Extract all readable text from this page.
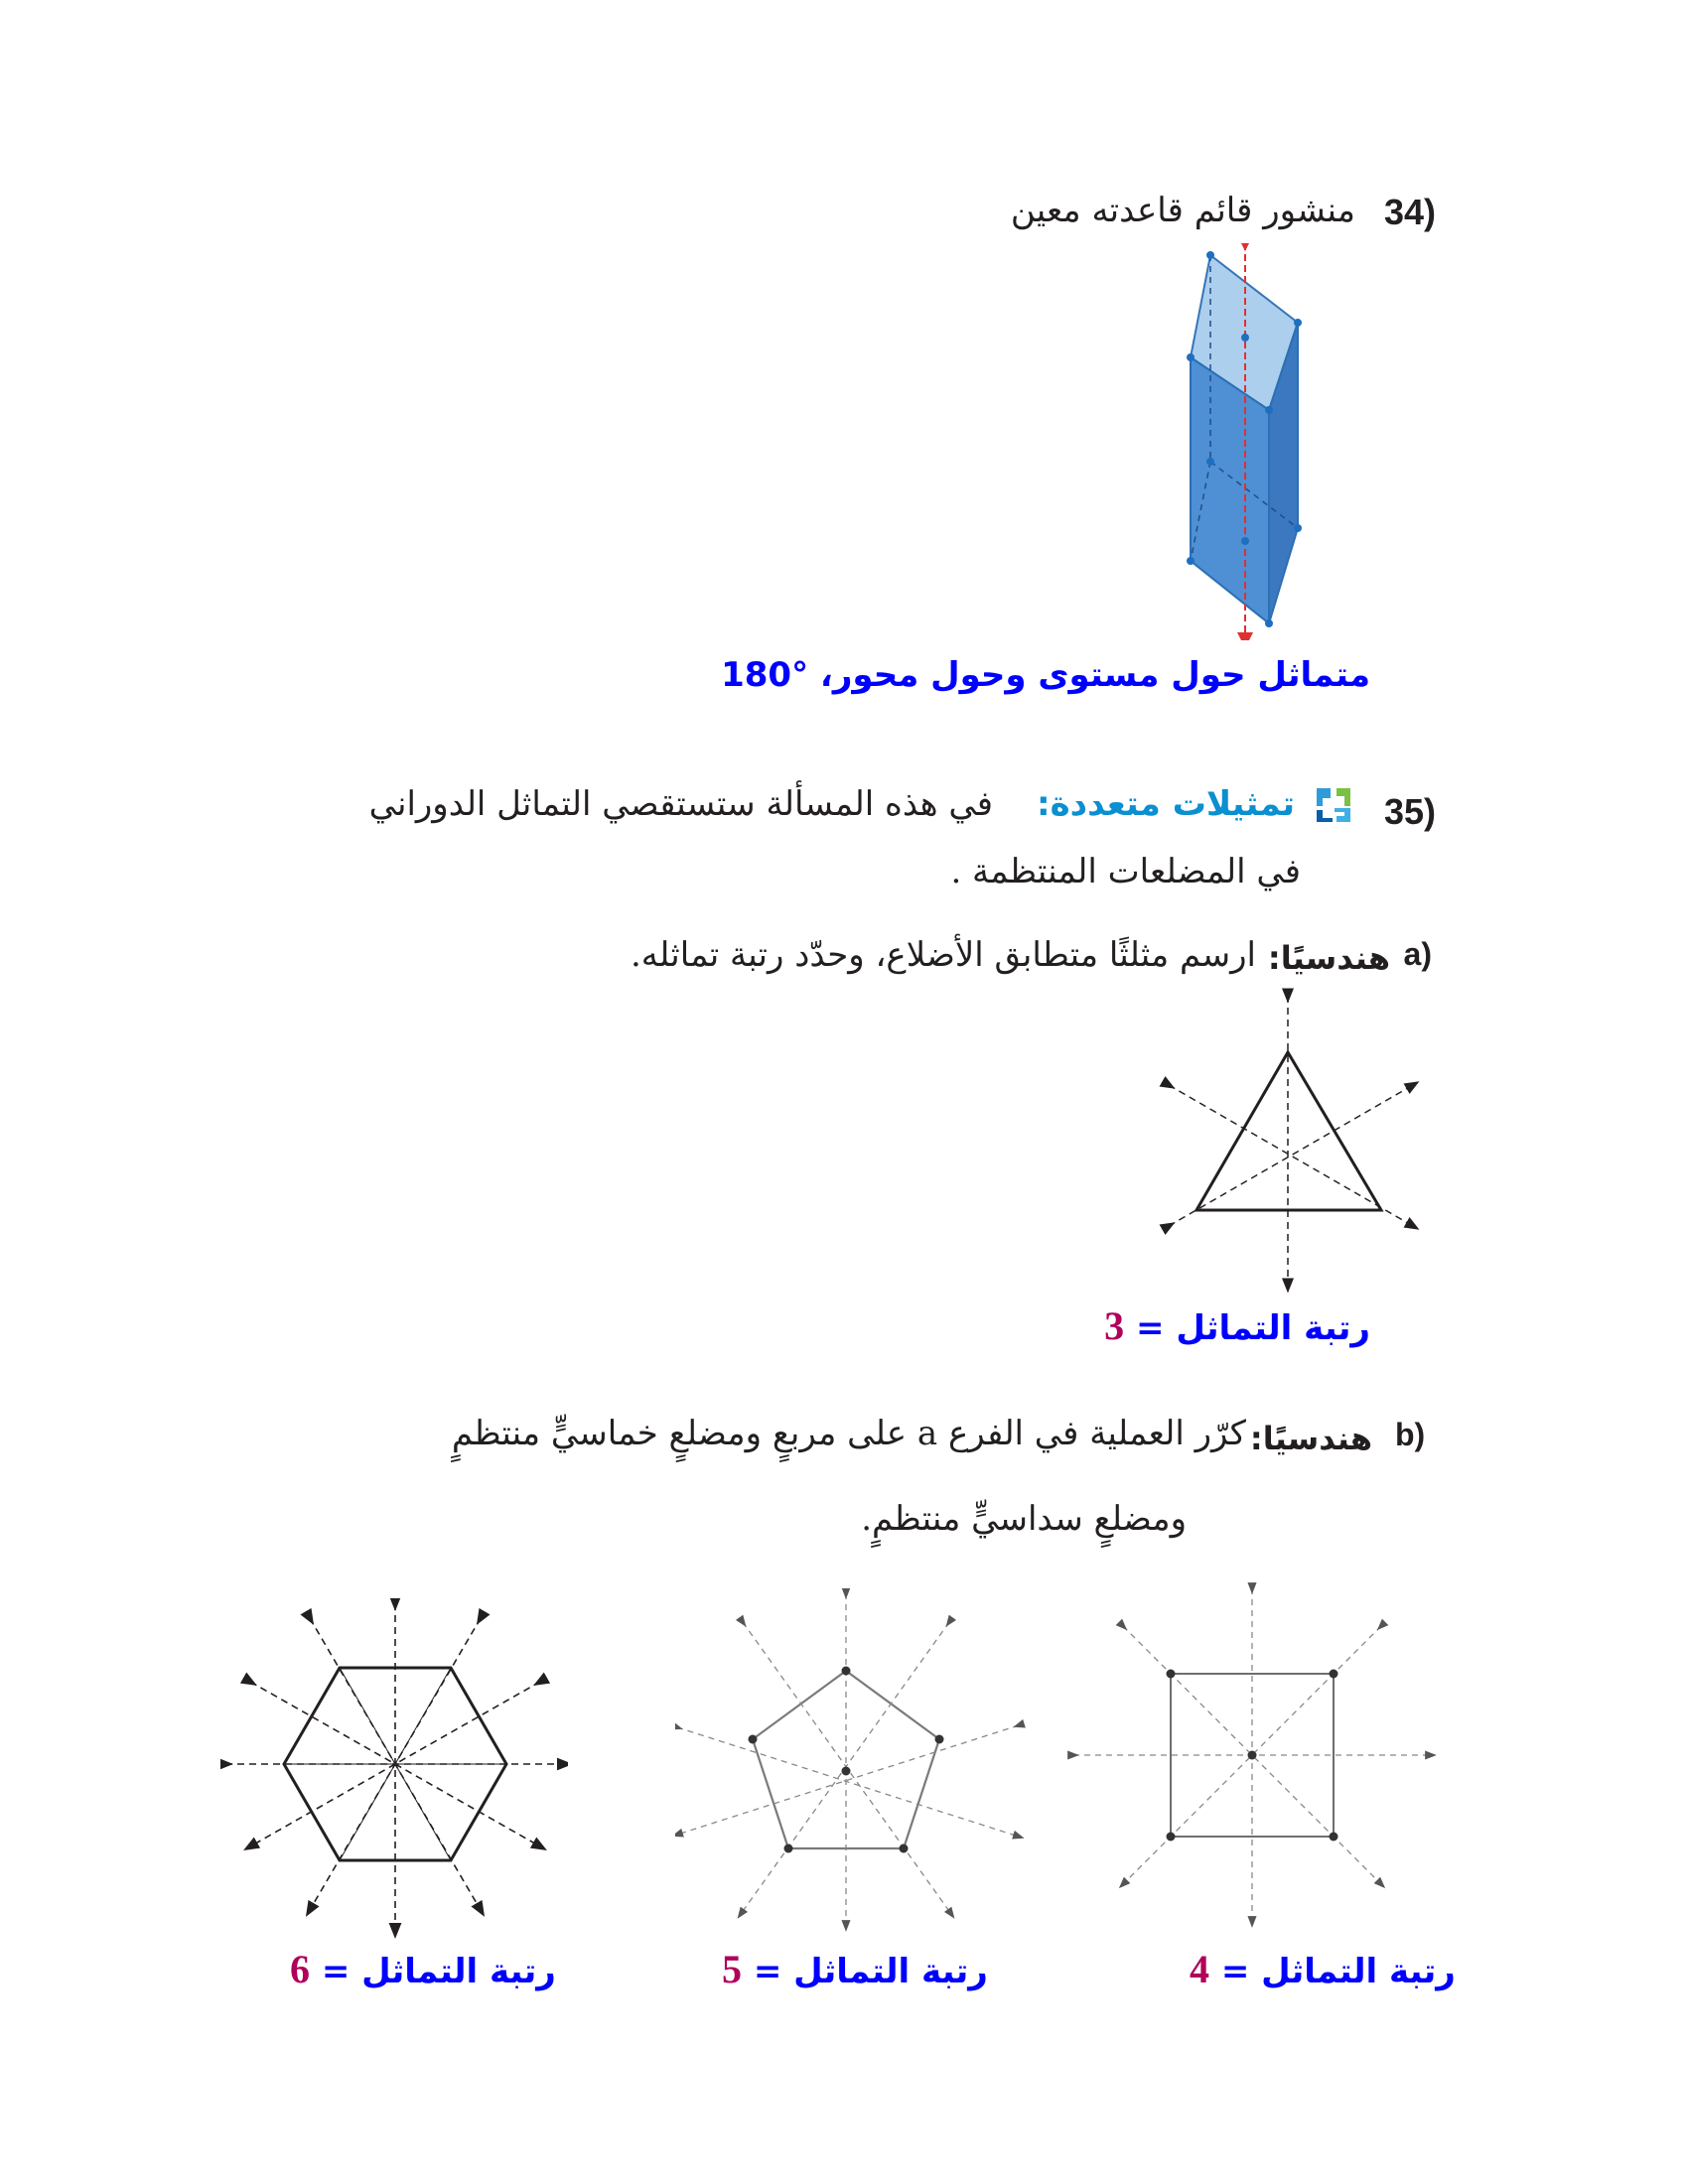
34)
منشور قائم قاعدته معين
متماثل حول مستوى وحول محور، °180
35)
تمثيلات متعددة:
في هذه المسألة ستستقصي التماثل الدوراني
في المضلعات المنتظمة .
a)
هندسيًا:
ارسم مثلثًا متطابق الأضلاع، وحدّد رتبة تماثله.
رتبة التماثل = 3
b)
هندسيًا:
كرّر العملية في الفرع a على مربعٍ ومضلعٍ خماسيٍّ منتظمٍ
ومضلعٍ سداسيٍّ منتظمٍ.
رتبة التماثل = 6	رتبة التماثل = 5	رتبة التماثل = 4
